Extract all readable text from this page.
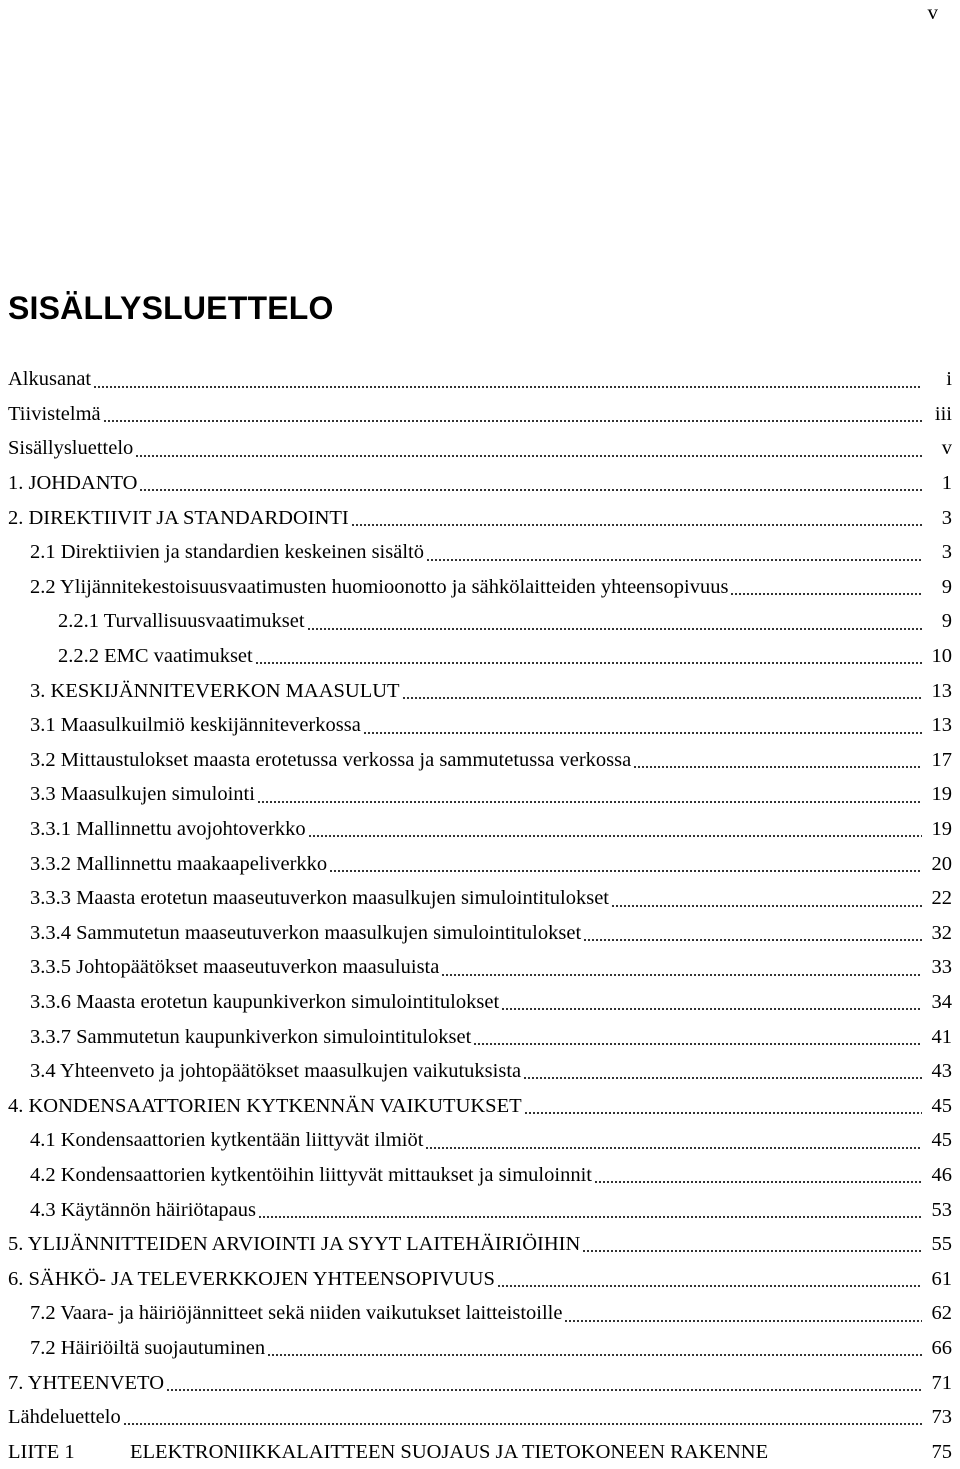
v
SISÄLLYSLUETTELO
Alkusanat	i
Tiivistelmä	iii
Sisällysluettelo	v
1. JOHDANTO	1
2. DIREKTIIVIT JA STANDARDOINTI	3
2.1 Direktiivien ja standardien keskeinen sisältö	3
2.2 Ylijännitekestoisuusvaatimusten huomioonotto ja sähkölaitteiden yhteensopivuus	9
2.2.1 Turvallisuusvaatimukset	9
2.2.2 EMC vaatimukset	10
3. KESKIJÄNNITEVERKON MAASULUT	13
3.1 Maasulkuilmiö keskijänniteverkossa	13
3.2 Mittaustulokset maasta erotetussa verkossa ja sammutetussa verkossa	17
3.3 Maasulkujen simulointi	19
3.3.1 Mallinnettu avojohtoverkko	19
3.3.2 Mallinnettu maakaapeliverkko	20
3.3.3 Maasta erotetun maaseutuverkon maasulkujen simulointitulokset	22
3.3.4 Sammutetun maaseutuverkon maasulkujen simulointitulokset	32
3.3.5 Johtopäätökset maaseutuverkon maasuluista	33
3.3.6 Maasta erotetun kaupunkiverkon simulointitulokset	34
3.3.7 Sammutetun kaupunkiverkon simulointitulokset	41
3.4 Yhteenveto ja johtopäätökset maasulkujen vaikutuksista	43
4. KONDENSAATTORIEN KYTKENNÄN VAIKUTUKSET	45
4.1 Kondensaattorien kytkentään liittyvät ilmiöt	45
4.2 Kondensaattorien kytkentöihin liittyvät mittaukset ja simuloinnit	46
4.3 Käytännön häiriötapaus	53
5. YLIJÄNNITTEIDEN ARVIOINTI JA SYYT LAITEHÄIRIÖIHIN	55
6. SÄHKÖ- JA TELEVERKKOJEN YHTEENSOPIVUUS	61
7.2 Vaara- ja häiriöjännitteet sekä niiden vaikutukset laitteistoille	62
7.2 Häiriöiltä suojautuminen	66
7. YHTEENVETO	71
Lähdeluettelo	73
LIITE 1	ELEKTRONIIKKALAITTEEN SUOJAUS JA TIETOKONEEN RAKENNE	75
